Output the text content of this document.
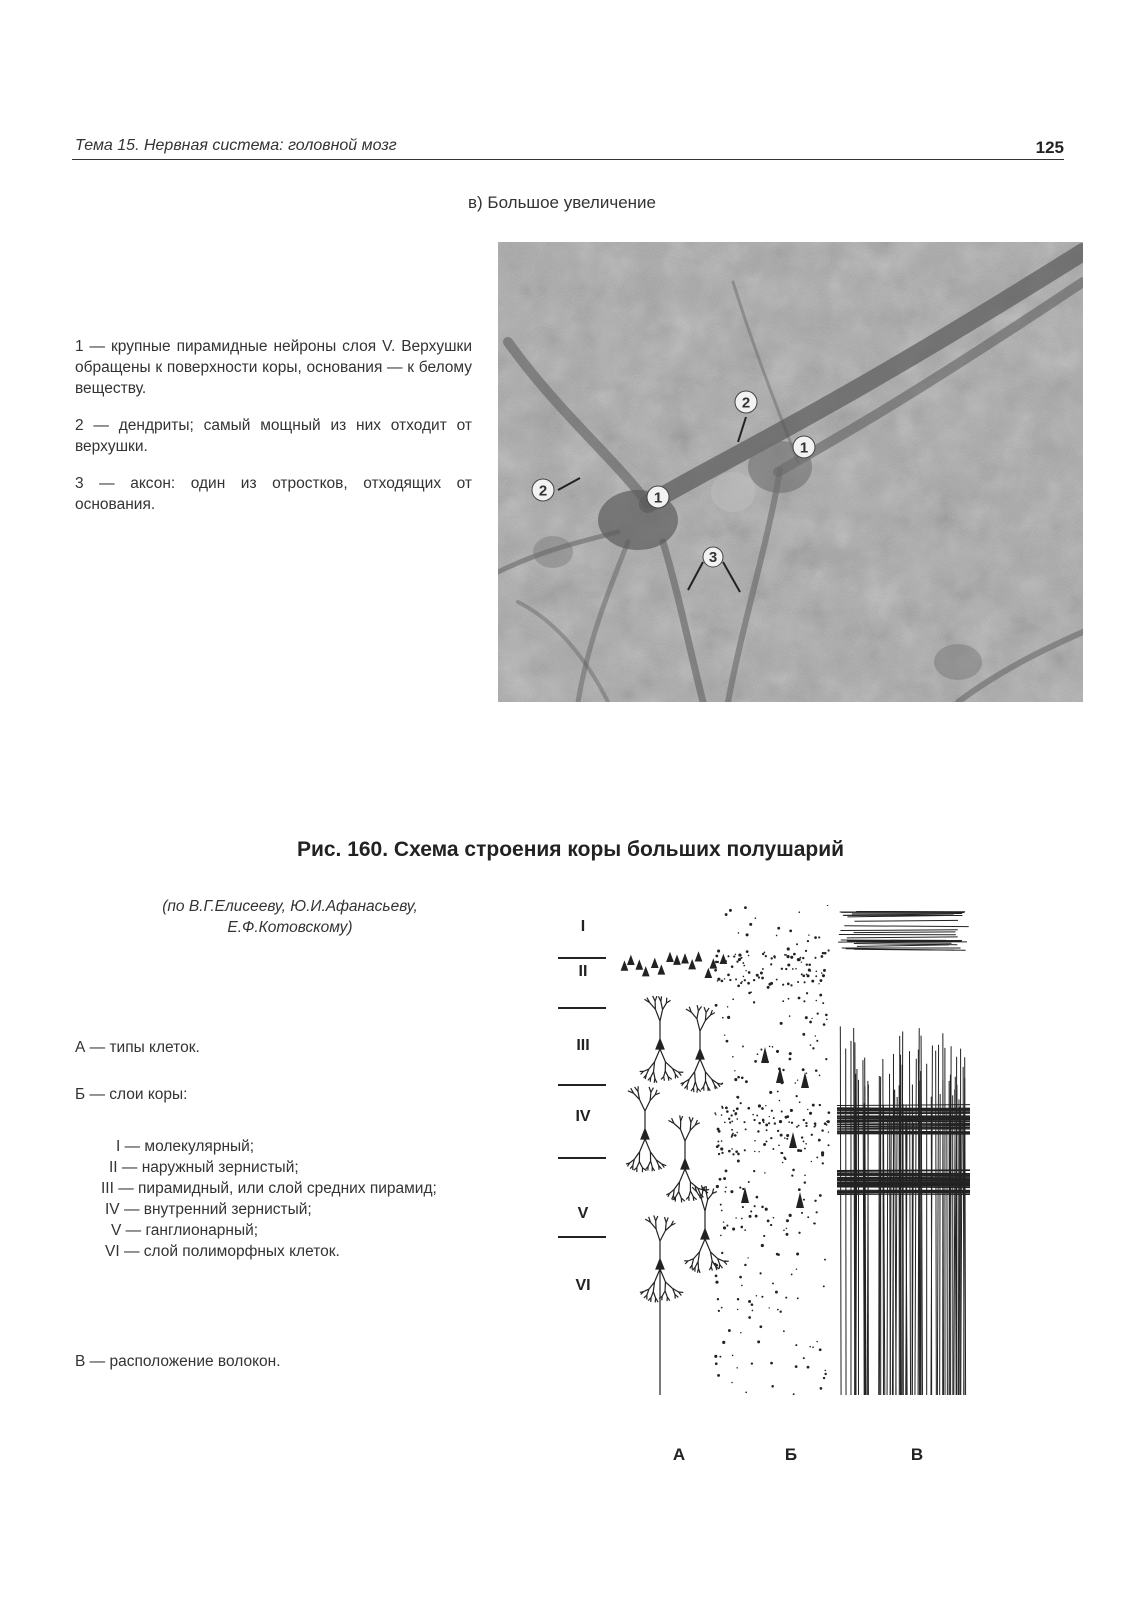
Тема 15. Нервная система: головной мозг	125
в) Большое увеличение

1 — крупные пирамидные нейроны слоя V. Верхушки обращены к поверхности коры, основания — к белому веществу.

2 — дендриты; самый мощный из них отходит от верхушки.

3 — аксон: один из отростков, отходящих от основания.

2
1
2	1
3
Рис. 160. Схема строения коры больших полушарий
(по В.Г.Елисееву, Ю.И.Афанасьеву,
Е.Ф.Котовскому)
А — типы клеток.
Б — слои коры:
I — молекулярный;
II — наружный зернистый;
III — пирамидный, или слой средних пирамид;
IV — внутренний зернистый;
V — ганглионарный;
VI — слой полиморфных клеток.
В — расположение волокон.
I
II
III
IV
V
VI
А	Б	В
